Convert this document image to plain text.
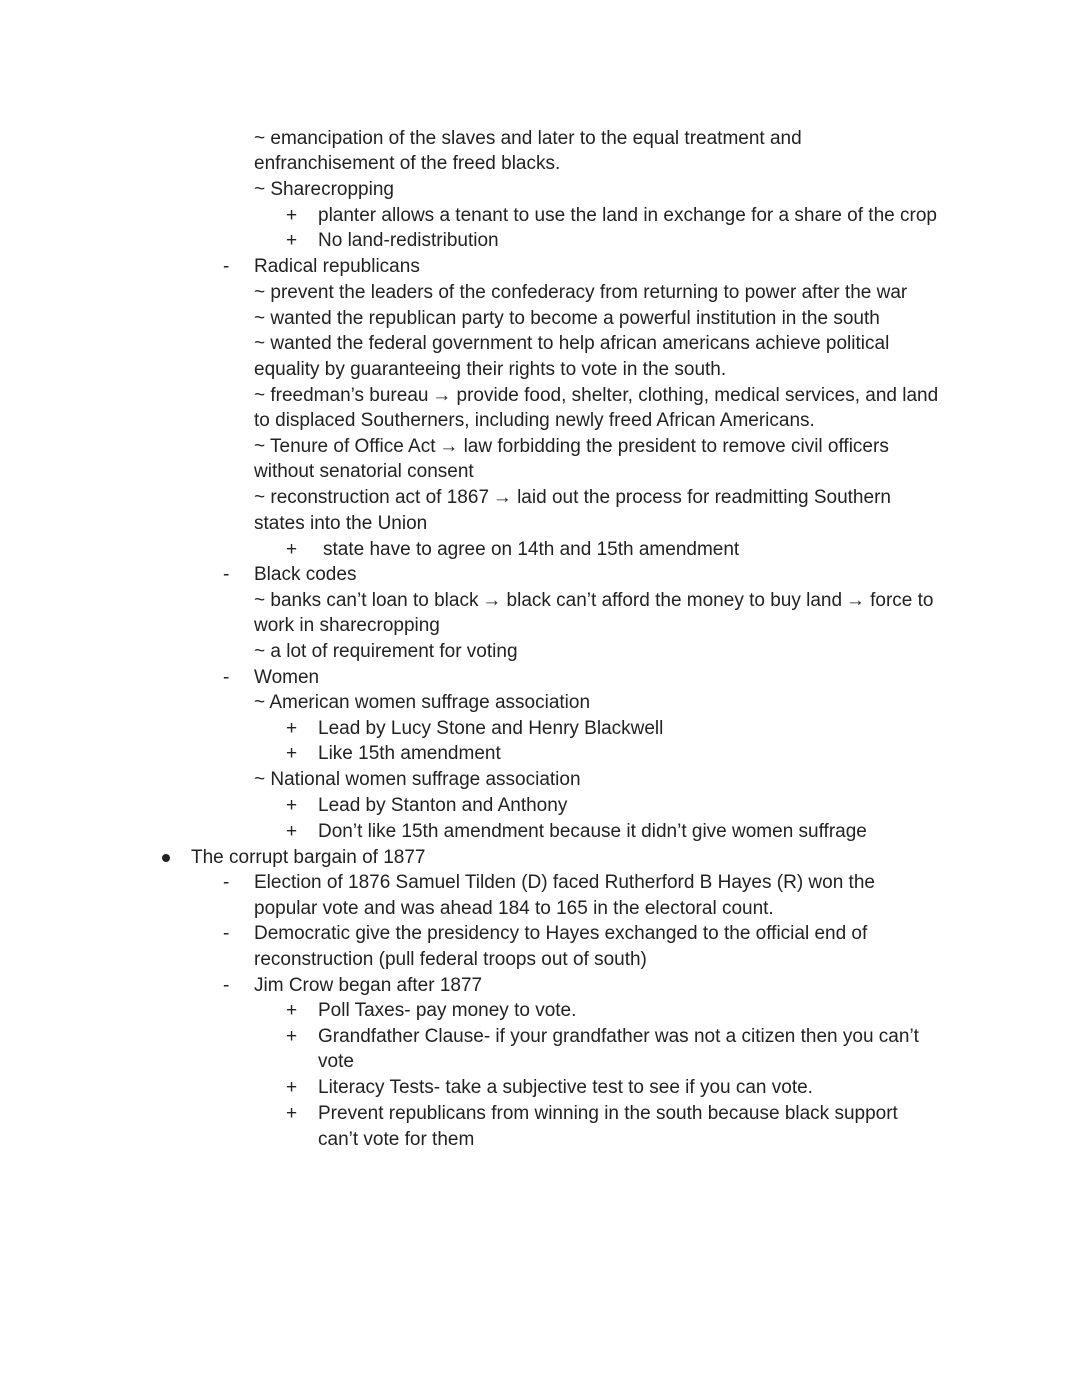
~ emancipation of the slaves and later to the equal treatment and
enfranchisement of the freed blacks.
~ Sharecropping
+ planter allows a tenant to use the land in exchange for a share of the crop
+ No land-redistribution
- Radical republicans
~ prevent the leaders of the confederacy from returning to power after the war
~ wanted the republican party to become a powerful institution in the south
~ wanted the federal government to help african americans achieve political
equality by guaranteeing their rights to vote in the south.
~ freedman’s bureau → provide food, shelter, clothing, medical services, and land
to displaced Southerners, including newly freed African Americans.
~ Tenure of Office Act → law forbidding the president to remove civil officers
without senatorial consent
~ reconstruction act of 1867 → laid out the process for readmitting Southern
states into the Union
+ state have to agree on 14th and 15th amendment
- Black codes
~ banks can’t loan to black → black can’t afford the money to buy land → force to
work in sharecropping
~ a lot of requirement for voting
- Women
~ American women suffrage association
+ Lead by Lucy Stone and Henry Blackwell
+ Like 15th amendment
~ National women suffrage association
+ Lead by Stanton and Anthony
+ Don’t like 15th amendment because it didn’t give women suffrage
The corrupt bargain of 1877
- Election of 1876 Samuel Tilden (D) faced Rutherford B Hayes (R) won the
popular vote and was ahead 184 to 165 in the electoral count.
- Democratic give the presidency to Hayes exchanged to the official end of
reconstruction (pull federal troops out of south)
- Jim Crow began after 1877
+ Poll Taxes- pay money to vote.
+ Grandfather Clause- if your grandfather was not a citizen then you can’t
vote
+ Literacy Tests- take a subjective test to see if you can vote.
+ Prevent republicans from winning in the south because black support
can’t vote for them
